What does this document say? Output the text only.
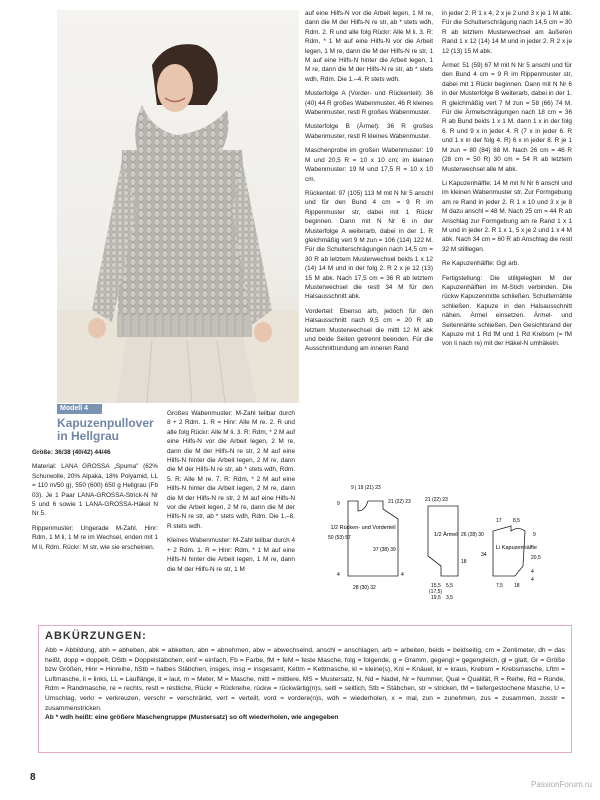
Modell 4
Kapuzenpullover in Hellgrau

Größe: 36/38 (40/42) 44/46

Material: LANA GROSSA „Spuma" (62% Schurwolle, 20% Alpaka, 18% Polyamid, LL = 110 m/50 g), 550 (600) 650 g Hellgrau (Fb 03). Je 1 Paar LANA-GROSSA-Strick-N Nr 5 und 6 sowie 1 LANA-GROSSA-Häkel N Nr 5.

Rippenmuster: Ungerade M-Zahl. Hinr: Rdm, 1 M li, 1 M re im Wechsel, enden mit 1 M li, Rdm. Rückr: M str, wie sie erscheinen.

Großes Wabenmuster: M-Zahl teilbar durch 8 + 2 Rdm. 1. R = Hinr: Alle M re. 2. R und alle folg Rückr: Alle M li. 3. R: Rdm, * 2 M auf eine Hilfs-N vor die Arbeit legen, 2 M re, dann die M der Hilfs-N re str, 2 M auf eine Hilfs-N hinter die Arbeit legen, 2 M re, dann die M der Hilfs-N re str, ab * stets wdh, Rdm. 5. R: Alle M re. 7. R: Rdm, * 2 M auf eine Hilfs-N hinter die Arbeit legen, 2 M re, dann die M der Hilfs-N re str, 2 M auf eine Hilfs-N vor die Arbeit legen, 2 M re, dann die M der Hilfs-N re str, ab * stets wdh, Rdm. Die 1.–8. R stets wdh.

Kleines Wabenmuster: M-Zahl teilbar durch 4 + 2 Rdm. 1. R = Hinr: Rdm, * 1 M auf eine Hilfs-N hinter die Arbeit legen, 1 M re, dann die M der Hilfs-N re str, 1 M

auf eine Hilfs-N vor die Arbeit legen, 1 M re, dann die M der Hilfs-N re str, ab * stets wdh, Rdm. 2. R und alle folg Rückr: Alle M li. 3. R: Rdm, * 1 M auf eine Hilfs-N vor die Arbeit legen, 1 M re, dann die M der Hilfs-N re str, 1 M auf eine Hilfs-N hinter die Arbeit legen, 1 M re, dann die M der Hilfs-N re str, ab * stets wdh, Rdm. Die 1.–4. R stets wdh.

Musterfolge A (Vorder- und Rückenteil): 36 (40) 44 R großes Wabenmuster, 46 R kleines Wabenmuster, restl R großes Wabenmuster.

Musterfolge B (Ärmel): 36 R großes Wabenmuster, restl R kleines Wabenmuster.

Maschenprobe im großen Wabenmuster: 19 M und 20,5 R = 10 x 10 cm; im kleinen Wabenmuster: 19 M und 17,5 R = 10 x 10 cm.

Rückenteil: 97 (105) 113 M mit N Nr 5 anschl und für den Bund 4 cm = 9 R im Rippenmuster str, dabei mit 1 Rückr beginnen. Dann mit N Nr 6 in der Musterfolge A weiterarb, dabei in der 1. R gleichmäßig vert 9 M zun = 106 (114) 122 M. Für die Schulterschrägungen nach 14,5 cm = 30 R ab letztem Musterwechsel beids 1 x 12 (14) 14 M und in der folg 2. R 2 x je 12 (13) 15 M abk. Nach 17,5 cm = 36 R ab letztem Musterwechsel die restl 34 M für den Halsausschnitt abk.

Vorderteil: Ebenso arb, jedoch für den Halsausschnitt nach 9,5 cm = 20 R ab letztem Musterwechsel die mittl 12 M abk und beide Seiten getrennt beenden. Für die Ausschnittrundung am inneren Rand

in jeder 2. R 1 x 4, 2 x je 2 und 3 x je 1 M abk. Für die Schulterschrägung nach 14,5 cm = 30 R ab letztem Musterwechsel am äußeren Rand 1 x 12 (14) 14 M und in jeder 2. R 2 x je 12 (13) 15 M abk.

Ärmel: 51 (59) 67 M mit N Nr 5 anschl und für den Bund 4 cm = 9 R im Rippenmuster str, dabei mit 1 Rückr beginnen. Dann mit N Nr 6 in der Musterfolge B weiterarb, dabei in der 1. R gleichmäßig vert 7 M zun = 58 (66) 74 M. Für die Ärmelschrägungen nach 18 cm = 36 R ab Bund beids 1 x 1 M, dann 1 x in der folg 6. R und 9 x in jeder 4. R (7 x in jeder 6. R und 1 x in der folg 4. R) 6 x in jeder 8. R je 1 M zun = 80 (84) 88 M. Nach 26 cm = 46 R (28 cm = 50 R) 30 cm = 54 R ab letztem Musterwechsel alle M abk.

Li Kapuzenhälfte: 14 M mit N Nr 6 anschl und im kleinen Wabenmuster str. Zur Formgebung am re Rand in jeder 2. R 1 x 10 und 3 x je 8 M dazu anschl = 48 M. Nach 25 cm = 44 R ab Anschlag zur Formgebung am re Rand 1 x 1 M und in jeder 2. R 1 x 1, 5 x je 2 und 1 x 4 M abk. Nach 34 cm = 60 R ab Anschlag die restl 32 M stilllegen.

Re Kapuzenhälfte: Ggl arb.

Fertigstellung: Die stillgelegten M der Kapuzenhälften im M-Stich verbinden. Die rückw Kapuzenmitte schließen. Schulternähte schließen. Kapuze in den Halsausschnitt nähen. Ärmel einsetzen. Ärmel- und Seitennähte schließen. Den Gesichtsrand der Kapuze mit 1 Rd fM und 1 Rd Krebsm (= fM von li nach re) mit der Häkel-N umhäkeln.

1/2 Rücken- und Vorderteil
9 | 19 (21) 23
21 (22) 23
50 (53) 57
37 (38) 39
28 (30) 32
9
4	4
1/2 Ärmel
21 (22) 23
26 (28) 30
18
15,5
(17,5)
19,5
5,5
3,5
Li Kapuzenhälfte
17 8,5
9
20,5
34
7,5 18
4
4
ABKÜRZUNGEN:
Abb = Abbildung, abh = abheben, abk = abketten, abn = abnehmen, abw = abwechselnd, anschl = anschlagen, arb = arbeiten, beids = beidseitig, cm = Zentimeter, dh = das heißt, dopp = doppelt, DStb = Doppelstäbchen, einf = einfach, Fb = Farbe, fM + feM = feste Masche, folg = folgende, g = Gramm, gegengl = gegengleich, gl = glatt, Gr = Größe bzw Größen, Hinr = Hinreihe, hStb = halbes Stäbchen, insges, insg = insgesamt, Kettm = Kettmasche, kl = kleine(s), Knl = Knäuel, kr = kraus, Krebsm = Krebsmasche, Lftm = Luftmasche, li = links, LL = Lauflänge, lt = laut, m = Meter, M = Masche, mittl = mittlere, MS = Mustersatz, N, Nd = Nadel, Nr = Nummer, Qual = Qualität, R = Reihe, Rd = Runde, Rdm = Randmasche, re = rechts, restl = restliche, Rückr = Rückreihe, rückw = rückwärtig(n)s, seitl = seitlich, Stb = Stäbchen, str = stricken, tM = tiefergestochene Masche, U = Umschlag, verkr = verkreuzen, verschr = verschränkt, vert = verteilt, vord = vordere(n)s, wdh = wiederholen, x = mal, zun = zunehmen, zus = zusammen, zusstr = zusammenstricken.
Ab * wdh heißt: eine größere Maschengruppe (Mustersatz) so oft wiederholen, wie angegeben
8
PassionForum.ru
